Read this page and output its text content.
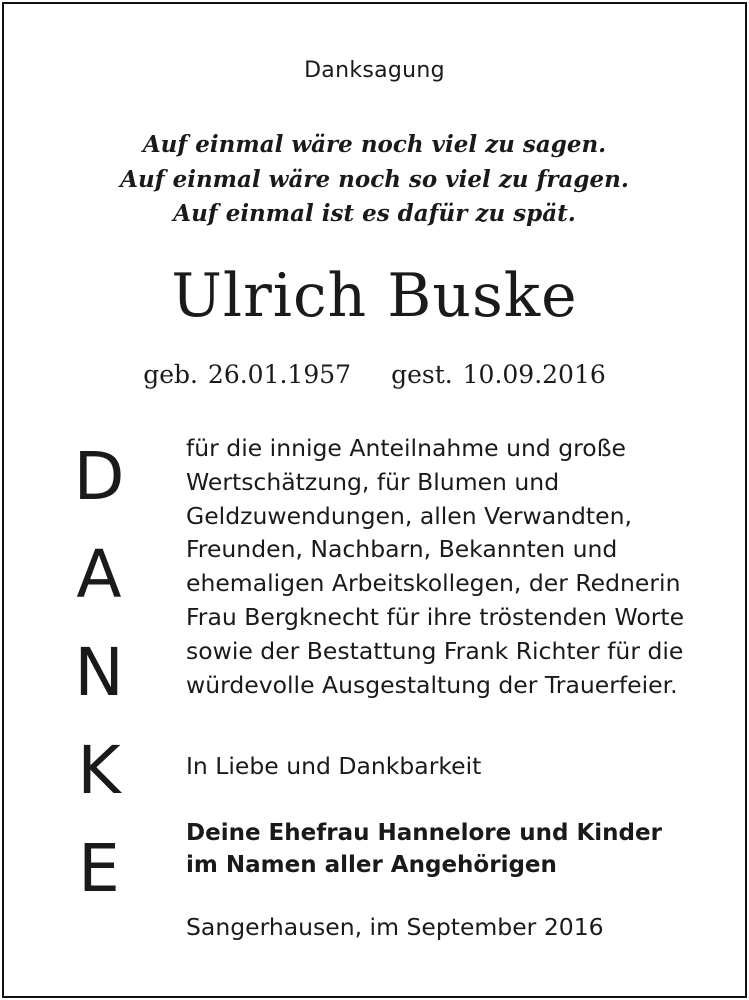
Danksagung
Auf einmal wäre noch viel zu sagen.
Auf einmal wäre noch so viel zu fragen.
Auf einmal ist es dafür zu spät.
Ulrich Buske
geb. 26.01.1957 gest. 10.09.2016
D
A
N
K
E
für die innige Anteilnahme und große
Wertschätzung, für Blumen und
Geldzuwendungen, allen Verwandten,
Freunden, Nachbarn, Bekannten und
ehemaligen Arbeitskollegen, der Rednerin
Frau Bergknecht für ihre tröstenden Worte
sowie der Bestattung Frank Richter für die
würdevolle Ausgestaltung der Trauerfeier.
In Liebe und Dankbarkeit
Deine Ehefrau Hannelore und Kinder
im Namen aller Angehörigen
Sangerhausen, im September 2016
